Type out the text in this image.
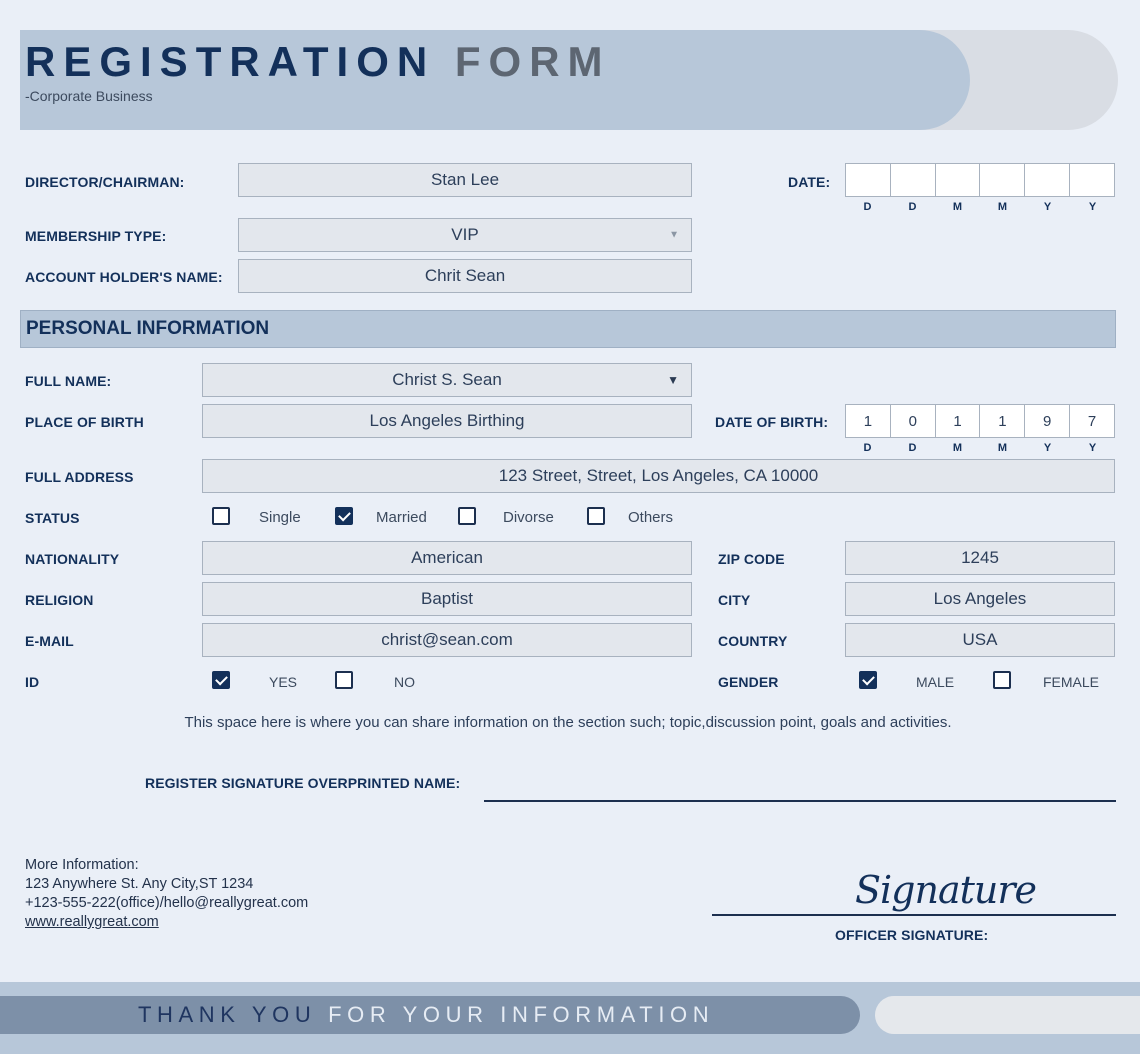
REGISTRATION FORM
-Corporate Business
DIRECTOR/CHAIRMAN:	Stan Lee	DATE:
D	D	M	M	Y	Y
MEMBERSHIP TYPE:	VIP	▼
ACCOUNT HOLDER'S NAME:	Chrit Sean
PERSONAL INFORMATION
FULL NAME:	Christ S. Sean	▼
PLACE OF BIRTH	Los Angeles Birthing	DATE OF BIRTH:	1	0	1	1	9	7
D	D	M	M	Y	Y
FULL ADDRESS	123 Street, Street, Los Angeles, CA 10000
STATUS	Single	Married	Divorse	Others
NATIONALITY	American	ZIP CODE	1245
RELIGION	Baptist	CITY	Los Angeles
E-MAIL	christ@sean.com	COUNTRY	USA
ID	YES	NO	GENDER	MALE	FEMALE
This space here is where you can share information on the section such; topic,discussion point, goals and activities.
REGISTER SIGNATURE OVERPRINTED NAME:
More Information:
123 Anywhere St. Any City,ST 1234
+123-555-222(office)/hello@reallygreat.com
www.reallygreat.com
Signature
OFFICER SIGNATURE:
THANK YOU FOR YOUR INFORMATION
